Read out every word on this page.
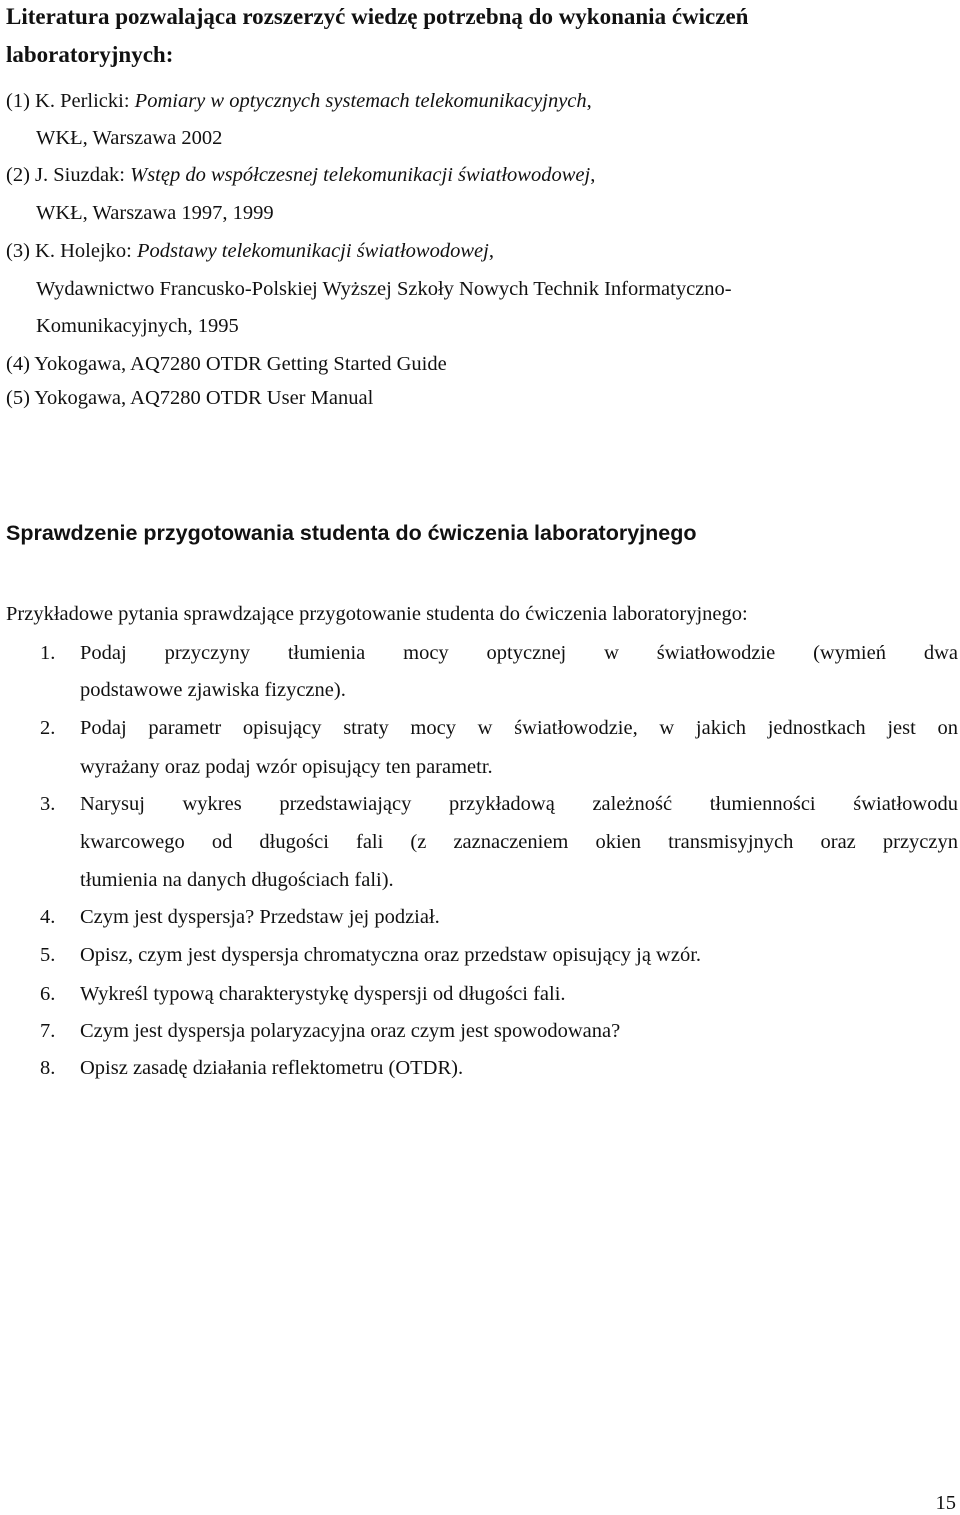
Literatura pozwalająca rozszerzyć wiedzę potrzebną do wykonania ćwiczeń
laboratoryjnych:
(1) K. Perlicki: Pomiary w optycznych systemach telekomunikacyjnych,
WKŁ, Warszawa 2002
(2) J. Siuzdak: Wstęp do współczesnej telekomunikacji światłowodowej,
WKŁ, Warszawa 1997, 1999
(3) K. Holejko: Podstawy telekomunikacji światłowodowej,
Wydawnictwo Francusko-Polskiej Wyższej Szkoły Nowych Technik Informatyczno-
Komunikacyjnych, 1995
(4) Yokogawa, AQ7280 OTDR Getting Started Guide
(5) Yokogawa, AQ7280 OTDR User Manual
Sprawdzenie przygotowania studenta do ćwiczenia laboratoryjnego
Przykładowe pytania sprawdzające przygotowanie studenta do ćwiczenia laboratoryjnego:
1. Podaj przyczyny tłumienia mocy optycznej w światłowodzie (wymień dwa
podstawowe zjawiska fizyczne).
2. Podaj parametr opisujący straty mocy w światłowodzie, w jakich jednostkach jest on
wyrażany oraz podaj wzór opisujący ten parametr.
3. Narysuj wykres przedstawiający przykładową zależność tłumienności światłowodu
kwarcowego od długości fali (z zaznaczeniem okien transmisyjnych oraz przyczyn
tłumienia na danych długościach fali).
4. Czym jest dyspersja? Przedstaw jej podział.
5. Opisz, czym jest dyspersja chromatyczna oraz przedstaw opisujący ją wzór.
6. Wykreśl typową charakterystykę dyspersji od długości fali.
7. Czym jest dyspersja polaryzacyjna oraz czym jest spowodowana?
8. Opisz zasadę działania reflektometru (OTDR).
15
